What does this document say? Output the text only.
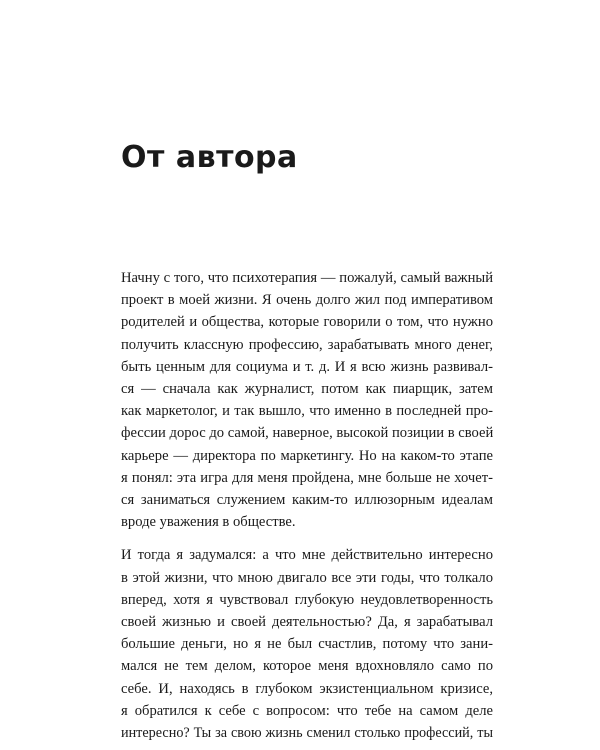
От автора

Начну с того, что психотерапия — пожалуй, самый важный
проект в моей жизни. Я очень долго жил под императивом
родителей и общества, которые говорили о том, что нужно
получить классную профессию, зарабатывать много денег,
быть ценным для социума и т. д. И я всю жизнь развивал-
ся — сначала как журналист, потом как пиарщик, затем
как маркетолог, и так вышло, что именно в последней про-
фессии дорос до самой, наверное, высокой позиции в своей
карьере — директора по маркетингу. Но на каком-то этапе
я понял: эта игра для меня пройдена, мне больше не хочет-
ся заниматься служением каким-то иллюзорным идеалам
вроде уважения в обществе.

И тогда я задумался: а что мне действительно интересно
в этой жизни, что мною двигало все эти годы, что толкало
вперед, хотя я чувствовал глубокую неудовлетворенность
своей жизнью и своей деятельностью? Да, я зарабатывал
большие деньги, но я не был счастлив, потому что зани-
мался не тем делом, которое меня вдохновляло само по
себе. И, находясь в глубоком экзистенциальном кризисе,
я обратился к себе с вопросом: что тебе на самом деле
интересно? Ты за свою жизнь сменил столько профессий, ты
